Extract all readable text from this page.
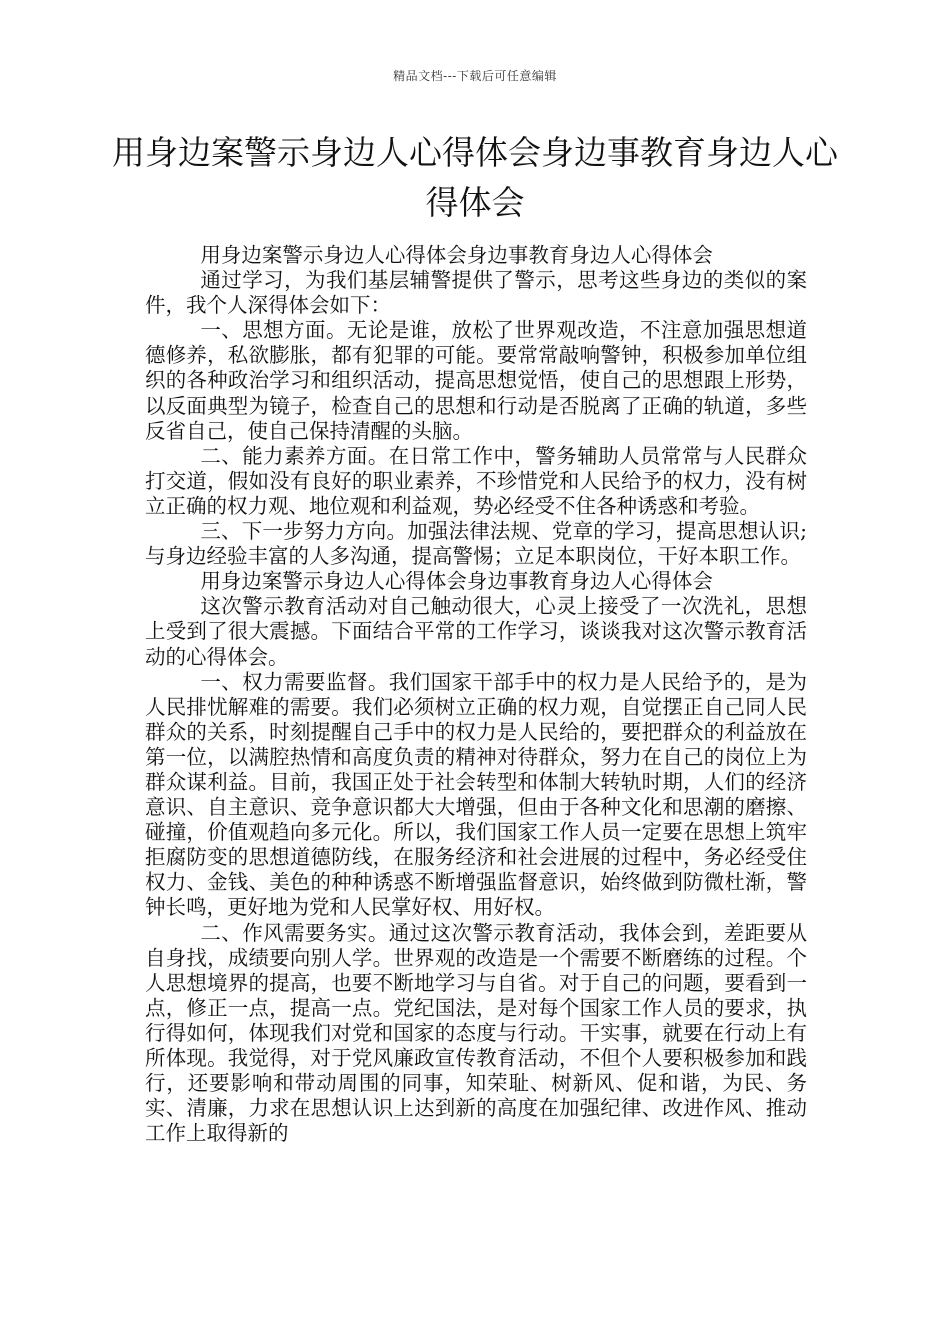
精品文档---下载后可任意编辑
用身边案警示身边人心得体会身边事教育身边人心得体会

用身边案警示身边人心得体会身边事教育身边人心得体会

通过学习，为我们基层辅警提供了警示，思考这些身边的类似的案件，我个人深得体会如下：

一、思想方面。无论是谁，放松了世界观改造，不注意加强思想道德修养，私欲膨胀，都有犯罪的可能。要常常敲响警钟，积极参加单位组织的各种政治学习和组织活动，提高思想觉悟，使自己的思想跟上形势，以反面典型为镜子，检查自己的思想和行动是否脱离了正确的轨道，多些反省自己，使自己保持清醒的头脑。

二、能力素养方面。在日常工作中，警务辅助人员常常与人民群众打交道，假如没有良好的职业素养，不珍惜党和人民给予的权力，没有树立正确的权力观、地位观和利益观，势必经受不住各种诱惑和考验。

三、下一步努力方向。加强法律法规、党章的学习，提高思想认识;与身边经验丰富的人多沟通，提高警惕；立足本职岗位，干好本职工作。

用身边案警示身边人心得体会身边事教育身边人心得体会

这次警示教育活动对自己触动很大，心灵上接受了一次洗礼，思想上受到了很大震撼。下面结合平常的工作学习，谈谈我对这次警示教育活动的心得体会。

一、权力需要监督。我们国家干部手中的权力是人民给予的，是为人民排忧解难的需要。我们必须树立正确的权力观，自觉摆正自己同人民群众的关系，时刻提醒自己手中的权力是人民给的，要把群众的利益放在第一位，以满腔热情和高度负责的精神对待群众，努力在自己的岗位上为群众谋利益。目前，我国正处于社会转型和体制大转轨时期，人们的经济意识、自主意识、竞争意识都大大增强，但由于各种文化和思潮的磨擦、碰撞，价值观趋向多元化。所以，我们国家工作人员一定要在思想上筑牢拒腐防变的思想道德防线，在服务经济和社会进展的过程中，务必经受住权力、金钱、美色的种种诱惑不断增强监督意识，始终做到防微杜渐，警钟长鸣，更好地为党和人民掌好权、用好权。

二、作风需要务实。通过这次警示教育活动，我体会到，差距要从自身找，成绩要向别人学。世界观的改造是一个需要不断磨练的过程。个人思想境界的提高，也要不断地学习与自省。对于自己的问题，要看到一点，修正一点，提高一点。党纪国法，是对每个国家工作人员的要求，执行得如何，体现我们对党和国家的态度与行动。干实事，就要在行动上有所体现。我觉得，对于党风廉政宣传教育活动，不但个人要积极参加和践行，还要影响和带动周围的同事，知荣耻、树新风、促和谐，为民、务实、清廉，力求在思想认识上达到新的高度在加强纪律、改进作风、推动工作上取得新的
